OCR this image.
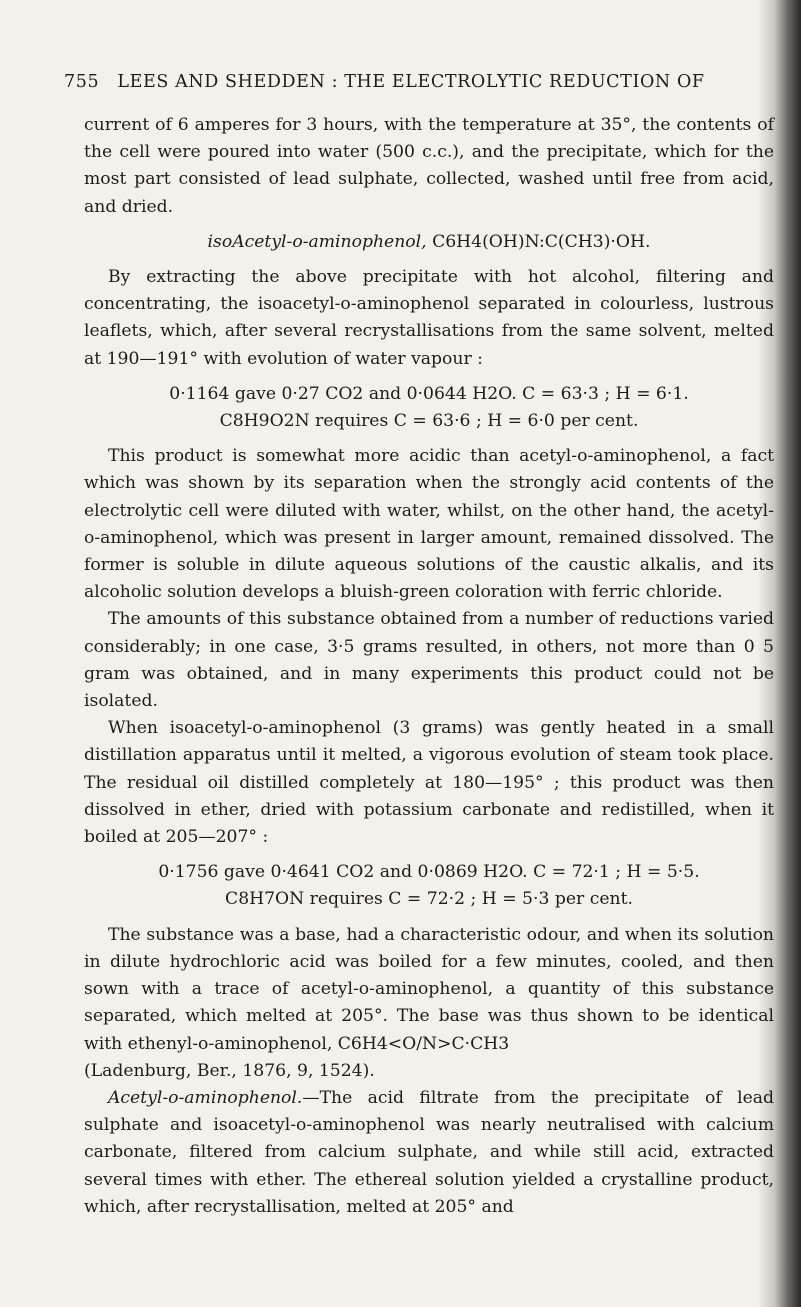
755 LEES AND SHEDDEN : THE ELECTROLYTIC REDUCTION OF

current of 6 amperes for 3 hours, with the temperature at 35°, the contents of the cell were poured into water (500 c.c.), and the precipitate, which for the most part consisted of lead sulphate, collected, washed until free from acid, and dried.

isoAcetyl-o-aminophenol, C6H4(OH)N:C(CH3)·OH.

By extracting the above precipitate with hot alcohol, filtering and concentrating, the isoacetyl-o-aminophenol separated in colourless, lustrous leaflets, which, after several recrystallisations from the same solvent, melted at 190—191° with evolution of water vapour :

0·1164 gave 0·27 CO2 and 0·0644 H2O. C = 63·3 ; H = 6·1.

C8H9O2N requires C = 63·6 ; H = 6·0 per cent.

This product is somewhat more acidic than acetyl-o-aminophenol, a fact which was shown by its separation when the strongly acid contents of the electrolytic cell were diluted with water, whilst, on the other hand, the acetyl-o-aminophenol, which was present in larger amount, remained dissolved. The former is soluble in dilute aqueous solutions of the caustic alkalis, and its alcoholic solution develops a bluish-green coloration with ferric chloride.

The amounts of this substance obtained from a number of reductions varied considerably; in one case, 3·5 grams resulted, in others, not more than 0 5 gram was obtained, and in many experiments this product could not be isolated.

When isoacetyl-o-aminophenol (3 grams) was gently heated in a small distillation apparatus until it melted, a vigorous evolution of steam took place. The residual oil distilled completely at 180—195° ; this product was then dissolved in ether, dried with potassium carbonate and redistilled, when it boiled at 205—207° :

0·1756 gave 0·4641 CO2 and 0·0869 H2O. C = 72·1 ; H = 5·5.

C8H7ON requires C = 72·2 ; H = 5·3 per cent.

The substance was a base, had a characteristic odour, and when its solution in dilute hydrochloric acid was boiled for a few minutes, cooled, and then sown with a trace of acetyl-o-aminophenol, a quantity of this substance separated, which melted at 205°. The base was thus shown to be identical with ethenyl-o-aminophenol, C6H4<O/N>C·CH3

(Ladenburg, Ber., 1876, 9, 1524).

Acetyl-o-aminophenol.—The acid filtrate from the precipitate of lead sulphate and isoacetyl-o-aminophenol was nearly neutralised with calcium carbonate, filtered from calcium sulphate, and while still acid, extracted several times with ether. The ethereal solution yielded a crystalline product, which, after recrystallisation, melted at 205° and
